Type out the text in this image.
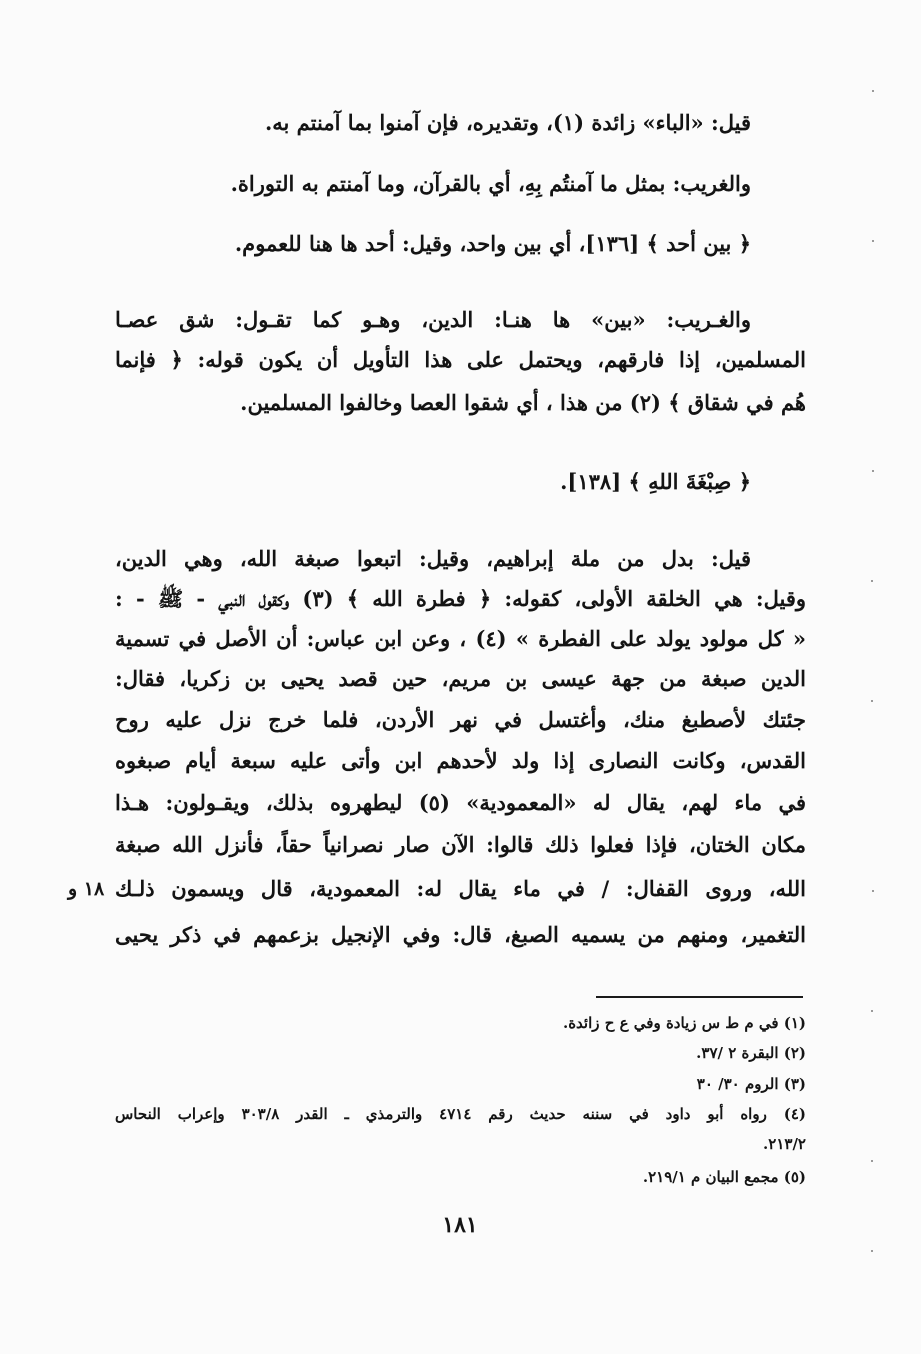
قيل: «الباء» زائدة (١)، وتقديره، فإن آمنوا بما آمنتم به.
والغريب: بمثل ما آمنتُم بِهِ، أي بالقرآن، وما آمنتم به التوراة.
﴿ بين أحد ﴾ [١٣٦]، أي بين واحد، وقيل: أحد ها هنا للعموم.
والغـريب: «بين» ها هنـا: الدين، وهـو كما تقـول: شق عصـا
المسلمين، إذا فارقهم، ويحتمل على هذا التأويل أن يكون قوله: ﴿ فإنما
هُم في شقاق ﴾ (٢) من هذا ، أي شقوا العصا وخالفوا المسلمين.
﴿ صِبْغَةَ اللهِ ﴾ [١٣٨].
قيل: بدل من ملة إبراهيم، وقيل: اتبعوا صبغة الله، وهي الدين،
وقيل: هي الخلقة الأولى، كقوله: ﴿ فطرة الله ﴾ (٣) وكقول النبي - ﷺ - :
« كل مولود يولد على الفطرة » (٤) ، وعن ابن عباس: أن الأصل في تسمية
الدين صبغة من جهة عيسى بن مريم، حين قصد يحيى بن زكريا، فقال:
جئتك لأصطبغ منك، وأغتسل في نهر الأردن، فلما خرج نزل عليه روح
القدس، وكانت النصارى إذا ولد لأحدهم ابن وأتى عليه سبعة أيام صبغوه
في ماء لهم، يقال له «المعمودية» (٥) ليطهروه بذلك، ويقـولون: هـذا
مكان الختان، فإذا فعلوا ذلك قالوا: الآن صار نصرانياً حقاً، فأنزل الله صبغة
الله، وروى القفال: / في ماء يقال له: المعمودية، قال ويسمون ذلـك
التغمير، ومنهم من يسميه الصبغ، قال: وفي الإنجيل بزعمهم في ذكر يحيى
١٨ و
(١) في م ط س زيادة وفي ع ح زائدة.
(٢) البقرة ٢ /٣٧.
(٣) الروم ٣٠/ ٣٠
(٤) رواه أبو داود في سننه حديث رقم ٤٧١٤ والترمذي ـ القدر ٣٠٣/٨ وإعراب النحاس
٢١٣/٢.
(٥) مجمع البيان م ٢١٩/١.
١٨١
